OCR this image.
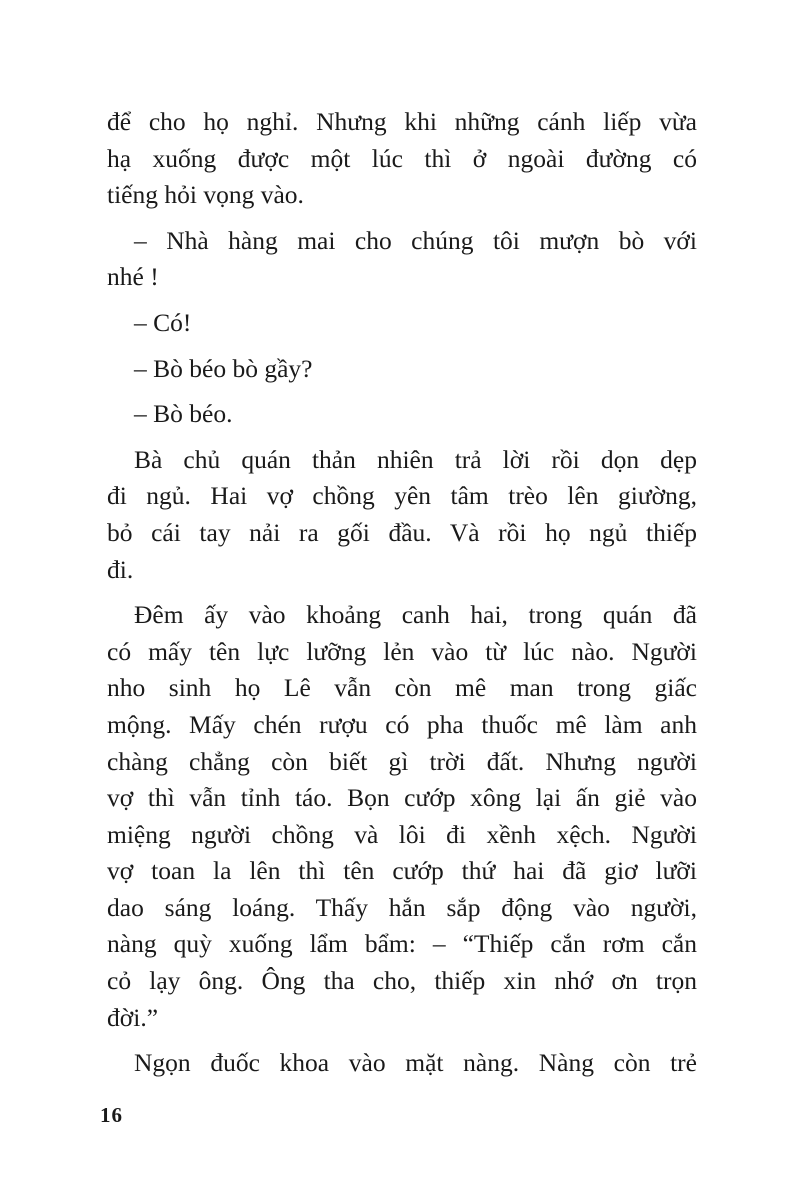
để cho họ nghỉ. Nhưng khi những cánh liếp vừa
hạ xuống được một lúc thì ở ngoài đường có
tiếng hỏi vọng vào.
– Nhà hàng mai cho chúng tôi mượn bò với
nhé !
– Có!
– Bò béo bò gầy?
– Bò béo.
Bà chủ quán thản nhiên trả lời rồi dọn dẹp
đi ngủ. Hai vợ chồng yên tâm trèo lên giường,
bỏ cái tay nải ra gối đầu. Và rồi họ ngủ thiếp
đi.
Đêm ấy vào khoảng canh hai, trong quán đã
có mấy tên lực lưỡng lẻn vào từ lúc nào. Người
nho sinh họ Lê vẫn còn mê man trong giấc
mộng. Mấy chén rượu có pha thuốc mê làm anh
chàng chẳng còn biết gì trời đất. Nhưng người
vợ thì vẫn tỉnh táo. Bọn cướp xông lại ấn giẻ vào
miệng người chồng và lôi đi xềnh xệch. Người
vợ toan la lên thì tên cướp thứ hai đã giơ lưỡi
dao sáng loáng. Thấy hắn sắp động vào người,
nàng quỳ xuống lẩm bẩm: – “Thiếp cắn rơm cắn
cỏ lạy ông. Ông tha cho, thiếp xin nhớ ơn trọn
đời.”
Ngọn đuốc khoa vào mặt nàng. Nàng còn trẻ
16
